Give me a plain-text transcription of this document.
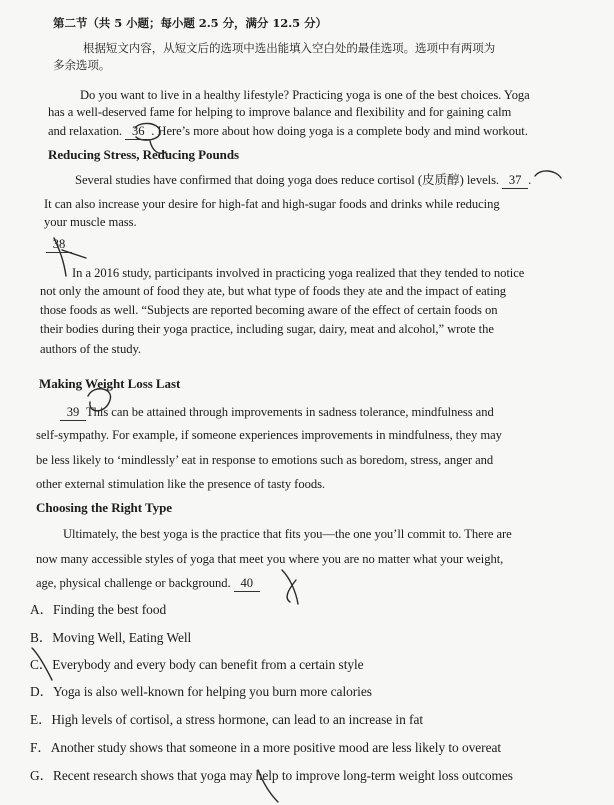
第二节（共 5 小题；每小题 2.5 分，满分 12.5 分）
根据短文内容，从短文后的选项中选出能填入空白处的最佳选项。选项中有两项为
多余选项。
Do you want to live in a healthy lifestyle? Practicing yoga is one of the best choices. Yoga
has a well-deserved fame for helping to improve balance and flexibility and for gaining calm
and relaxation. 36 . Here’s more about how doing yoga is a complete body and mind workout.
Reducing Stress, Reducing Pounds
Several studies have confirmed that doing yoga does reduce cortisol (皮质醇) levels. 37 .
It can also increase your desire for high-fat and high-sugar foods and drinks while reducing
your muscle mass.
38
In a 2016 study, participants involved in practicing yoga realized that they tended to notice
not only the amount of food they ate, but what type of foods they ate and the impact of eating
those foods as well. “Subjects are reported becoming aware of the effect of certain foods on
their bodies during their yoga practice, including sugar, dairy, meat and alcohol,” wrote the
authors of the study.
Making Weight Loss Last
39 This can be attained through improvements in sadness tolerance, mindfulness and
self-sympathy. For example, if someone experiences improvements in mindfulness, they may
be less likely to ‘mindlessly’ eat in response to emotions such as boredom, stress, anger and
other external stimulation like the presence of tasty foods.
Choosing the Right Type
Ultimately, the best yoga is the practice that fits you—the one you’ll commit to. There are
now many accessible styles of yoga that meet you where you are no matter what your weight,
age, physical challenge or background. 40
A．Finding the best food
B．Moving Well, Eating Well
C．Everybody and every body can benefit from a certain style
D．Yoga is also well-known for helping you burn more calories
E．High levels of cortisol, a stress hormone, can lead to an increase in fat
F．Another study shows that someone in a more positive mood are less likely to overeat
G．Recent research shows that yoga may help to improve long-term weight loss outcomes
